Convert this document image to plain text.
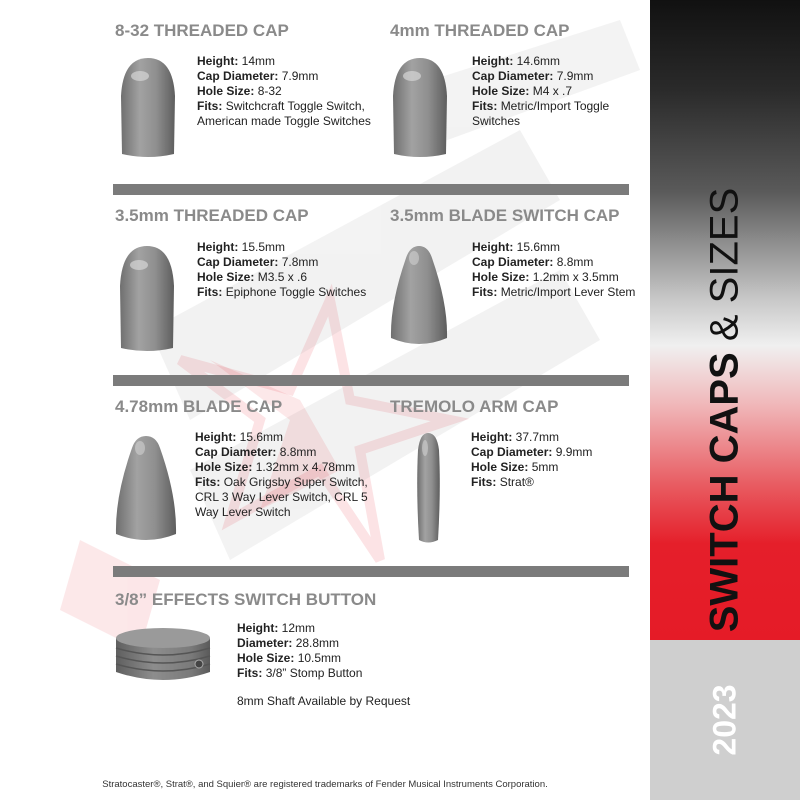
SWITCH CAPS & SIZES
2023
8-32 THREADED CAP
Height: 14mm
Cap Diameter: 7.9mm
Hole Size: 8-32
Fits: Switchcraft Toggle Switch,
American made Toggle Switches
4mm THREADED CAP
Height: 14.6mm
Cap Diameter: 7.9mm
Hole Size: M4 x .7
Fits: Metric/Import Toggle
Switches
3.5mm THREADED CAP
Height: 15.5mm
Cap Diameter: 7.8mm
Hole Size: M3.5 x .6
Fits: Epiphone Toggle Switches
3.5mm BLADE SWITCH CAP
Height: 15.6mm
Cap Diameter: 8.8mm
Hole Size: 1.2mm x 3.5mm
Fits: Metric/Import Lever Stem
4.78mm BLADE CAP
Height: 15.6mm
Cap Diameter: 8.8mm
Hole Size: 1.32mm x 4.78mm
Fits: Oak Grigsby Super Switch,
CRL 3 Way Lever Switch, CRL 5
Way Lever Switch
TREMOLO ARM CAP
Height: 37.7mm
Cap Diameter: 9.9mm
Hole Size: 5mm
Fits: Strat®
3/8” EFFECTS SWITCH BUTTON
Height: 12mm
Diameter: 28.8mm
Hole Size: 10.5mm
Fits: 3/8” Stomp Button
8mm Shaft Available by Request
Stratocaster®, Strat®, and Squier® are registered trademarks of Fender Musical Instruments Corporation.
